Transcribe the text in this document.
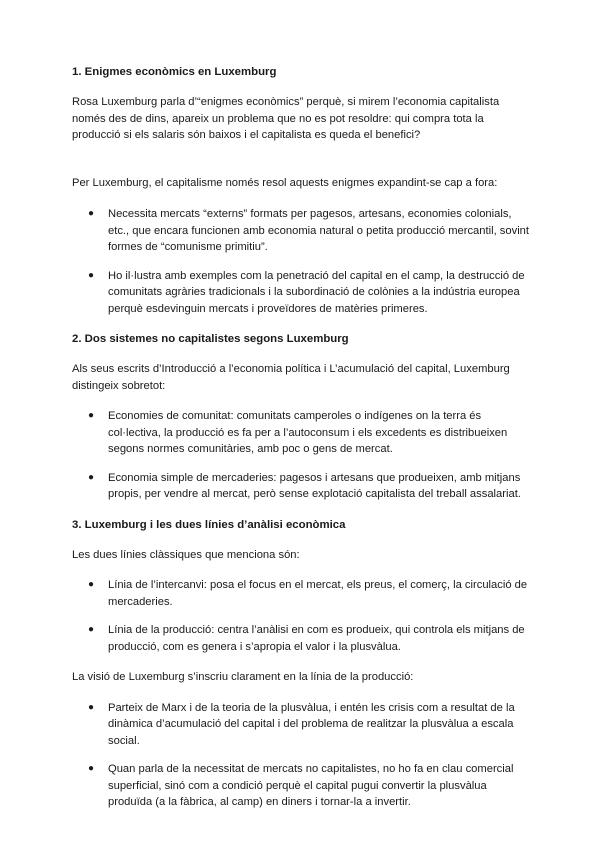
1. Enigmes econòmics en Luxemburg

Rosa Luxemburg parla d’“enigmes econòmics” perquè, si mirem l’economia capitalista només des de dins, apareix un problema que no es pot resoldre: qui compra tota la producció si els salaris són baixos i el capitalista es queda el benefici?

Per Luxemburg, el capitalisme només resol aquests enigmes expandint-se cap a fora:

● Necessita mercats “externs” formats per pagesos, artesans, economies colonials, etc., que encara funcionen amb economia natural o petita producció mercantil, sovint formes de “comunisme primitiu”.
● Ho il·lustra amb exemples com la penetració del capital en el camp, la destrucció de comunitats agràries tradicionals i la subordinació de colònies a la indústria europea perquè esdevinguin mercats i proveïdores de matèries primeres.
2. Dos sistemes no capitalistes segons Luxemburg

Als seus escrits d’Introducció a l’economia política i L’acumulació del capital, Luxemburg distingeix sobretot:

● Economies de comunitat: comunitats camperoles o indígenes on la terra és col·lectiva, la producció es fa per a l’autoconsum i els excedents es distribueixen segons normes comunitàries, amb poc o gens de mercat.
● Economia simple de mercaderies: pagesos i artesans que produeixen, amb mitjans propis, per vendre al mercat, però sense explotació capitalista del treball assalariat.
3. Luxemburg i les dues línies d’anàlisi econòmica

Les dues línies clàssiques que menciona són:

● Línia de l’intercanvi: posa el focus en el mercat, els preus, el comerç, la circulació de mercaderies.
● Línia de la producció: centra l’anàlisi en com es produeix, qui controla els mitjans de producció, com es genera i s’apropia el valor i la plusvàlua.

La visió de Luxemburg s’inscriu clarament en la línia de la producció:

● Parteix de Marx i de la teoria de la plusvàlua, i entén les crisis com a resultat de la dinàmica d’acumulació del capital i del problema de realitzar la plusvàlua a escala social.
● Quan parla de la necessitat de mercats no capitalistes, no ho fa en clau comercial superficial, sinó com a condició perquè el capital pugui convertir la plusvàlua produïda (a la fàbrica, al camp) en diners i tornar-la a invertir.
